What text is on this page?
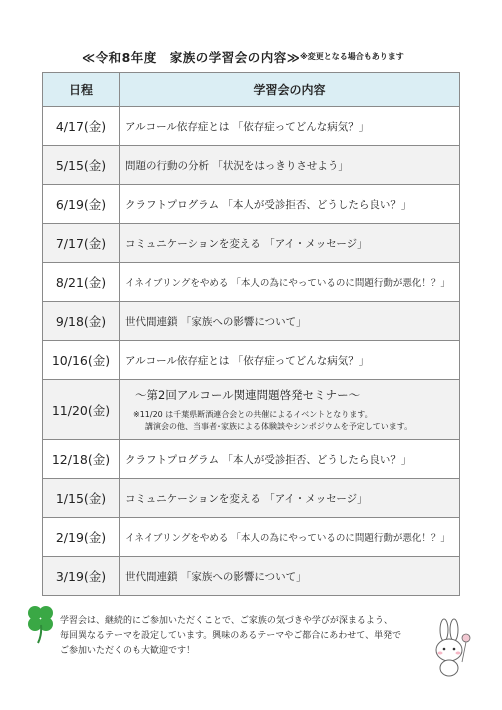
≪令和8年度　家族の学習会の内容≫ ※変更となる場合もあります
日程	学習会の内容
4/17(金)	アルコール依存症とは 「依存症ってどんな病気？」
5/15(金)	問題の行動の分析 「状況をはっきりさせよう」
6/19(金)	クラフトプログラム 「本人が受診拒否、どうしたら良い？」
7/17(金)	コミュニケーションを変える 「アイ・メッセージ」
8/21(金)	イネイブリングをやめる 「本人の為にやっているのに問題行動が悪化！？」
9/18(金)	世代間連鎖 「家族への影響について」
10/16(金)	アルコール依存症とは 「依存症ってどんな病気？」
11/20(金)	～第2回アルコール関連問題啓発セミナー～
※11/20 は千葉県断酒連合会との共催によるイベントとなります。
講演会の他、当事者･家族による体験談やシンポジウムを予定しています。

12/18(金)	クラフトプログラム 「本人が受診拒否、どうしたら良い？」
1/15(金)	コミュニケーションを変える 「アイ・メッセージ」
2/19(金)	イネイブリングをやめる 「本人の為にやっているのに問題行動が悪化！？」
3/19(金)	世代間連鎖 「家族への影響について」
学習会は、継続的にご参加いただくことで、ご家族の気づきや学びが深まるよう、
毎回異なるテーマを設定しています。興味のあるテーマやご都合にあわせて、単発で
ご参加いただくのも大歓迎です！
